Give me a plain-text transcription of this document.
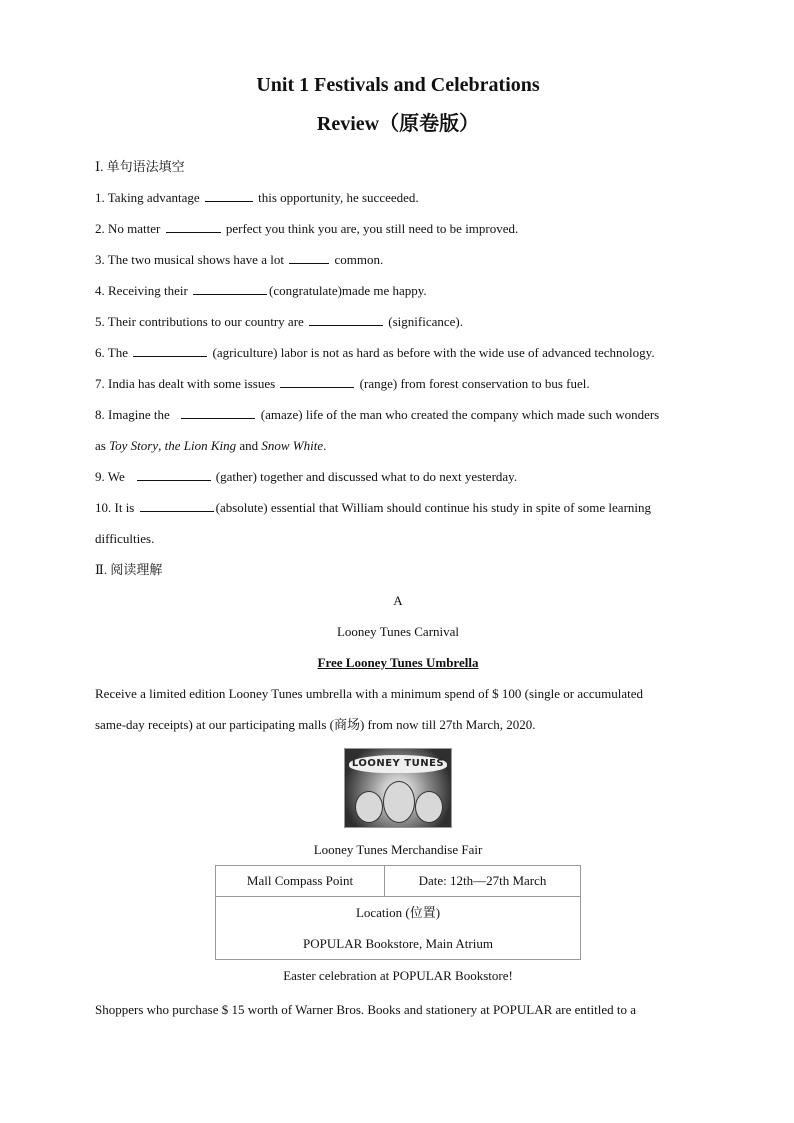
Unit 1 Festivals and Celebrations
Review（原卷版）
Ⅰ. 单句语法填空
1. Taking advantage	this opportunity, he succeeded.
2. No matter	perfect you think you are, you still need to be improved.
3. The two musical shows have a lot	common.
4. Receiving their	(congratulate)made me happy.
5. Their contributions to our country are	(significance).
6. The	(agriculture) labor is not as hard as before with the wide use of advanced technology.
7. India has dealt with some issues	(range) from forest conservation to bus fuel.
8. Imagine the	(amaze) life of the man who created the company which made such wonders
as Toy Story, the Lion King and Snow White.
9. We	(gather) together and discussed what to do next yesterday.
10. It is	(absolute) essential that William should continue his study in spite of some learning
difficulties.
Ⅱ. 阅读理解
A
Looney Tunes Carnival
Free Looney Tunes Umbrella
Receive a limited edition Looney Tunes umbrella with a minimum spend of $ 100 (single or accumulated
same-day receipts) at our participating malls (商场) from now till 27th March, 2020.
LOONEY TUNES
Looney Tunes Merchandise Fair
Mall Compass Point	Date: 12th—27th March

Location (位置)
POPULAR Bookstore, Main Atrium
Easter celebration at POPULAR Bookstore!
Shoppers who purchase $ 15 worth of Warner Bros. Books and stationery at POPULAR are entitled to a
